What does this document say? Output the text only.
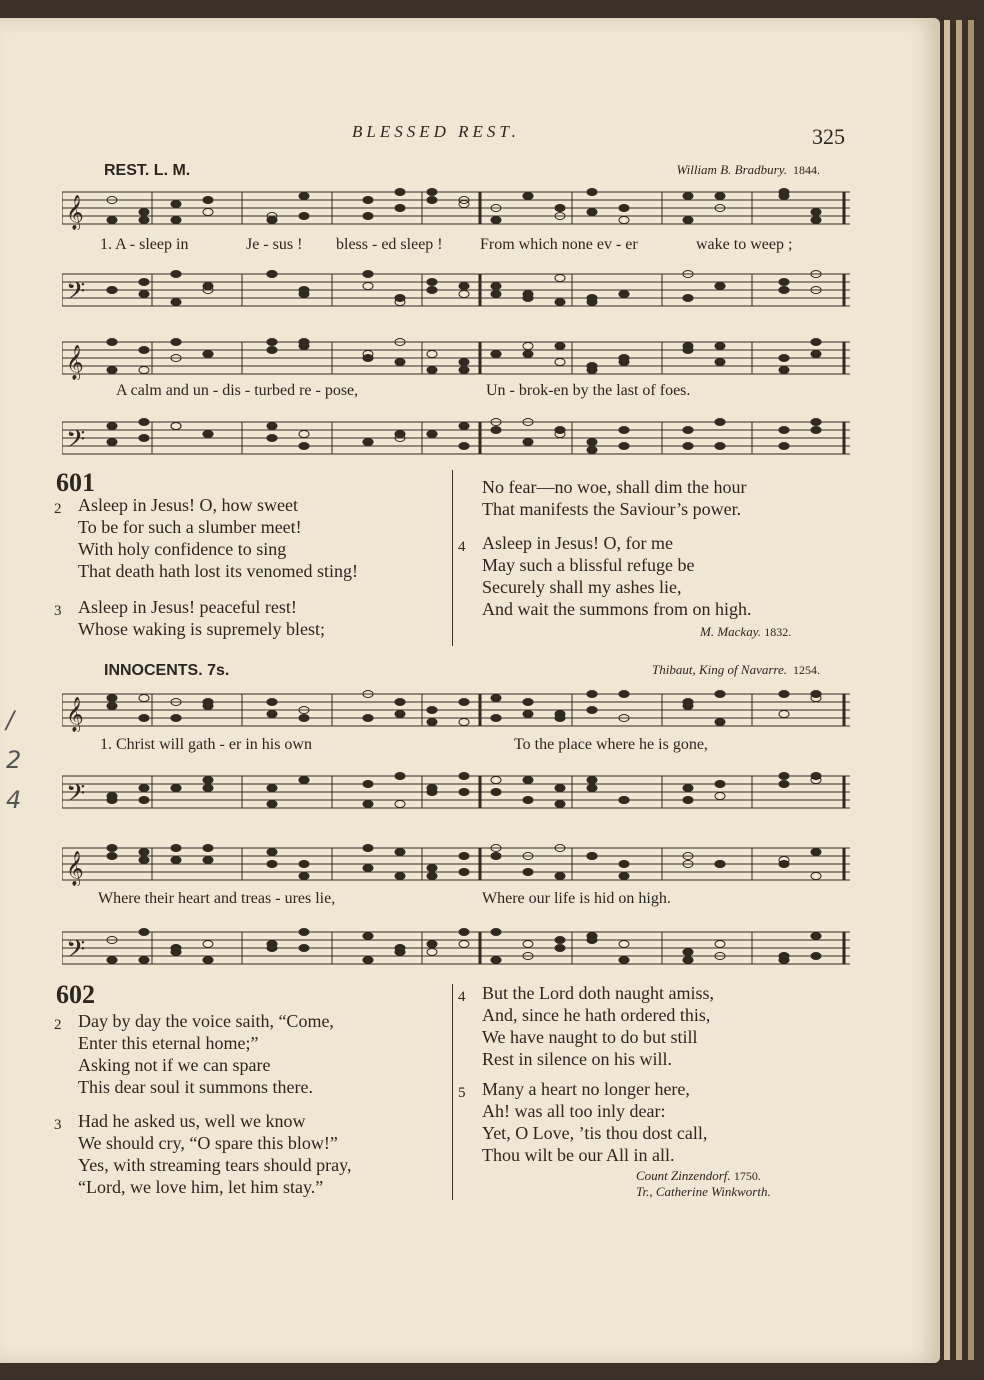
BLESSED REST.	325
REST. L. M.	William B. Bradbury. 1844.
𝄞
1. A - sleep in	Je - sus ! bless - ed sleep ! From which none ev - er	wake to weep ;
𝄢
𝄞
A calm and un - dis - turbed re - pose,	Un - brok-en by the last of foes.
𝄢
601
2 Asleep in Jesus! O, how sweet
To be for such a slumber meet!
With holy confidence to sing
That death hath lost its venomed sting!
3 Asleep in Jesus! peaceful rest!
Whose waking is supremely blest;
No fear—no woe, shall dim the hour
That manifests the Saviour’s power.
4 Asleep in Jesus! O, for me
May such a blissful refuge be
Securely shall my ashes lie,
And wait the summons from on high.
M. Mackay. 1832.
INNOCENTS. 7s.	Thibaut, King of Navarre. 1254.
𝄞
1. Christ will gath - er in his own	To the place where he is gone,
𝄢
𝄞
Where their heart and treas - ures lie,	Where our life is hid on high.
𝄢
602
2 Day by day the voice saith, “Come,
Enter this eternal home;”
Asking not if we can spare
This dear soul it summons there.
3 Had he asked us, well we know
We should cry, “O spare this blow!”
Yes, with streaming tears should pray,
“Lord, we love him, let him stay.”
4 But the Lord doth naught amiss,
And, since he hath ordered this,
We have naught to do but still
Rest in silence on his will.
5 Many a heart no longer here,
Ah! was all too inly dear:
Yet, O Love, ’tis thou dost call,
Thou wilt be our All in all.
Count Zinzendorf. 1750.
Tr., Catherine Winkworth.
/
2
4
